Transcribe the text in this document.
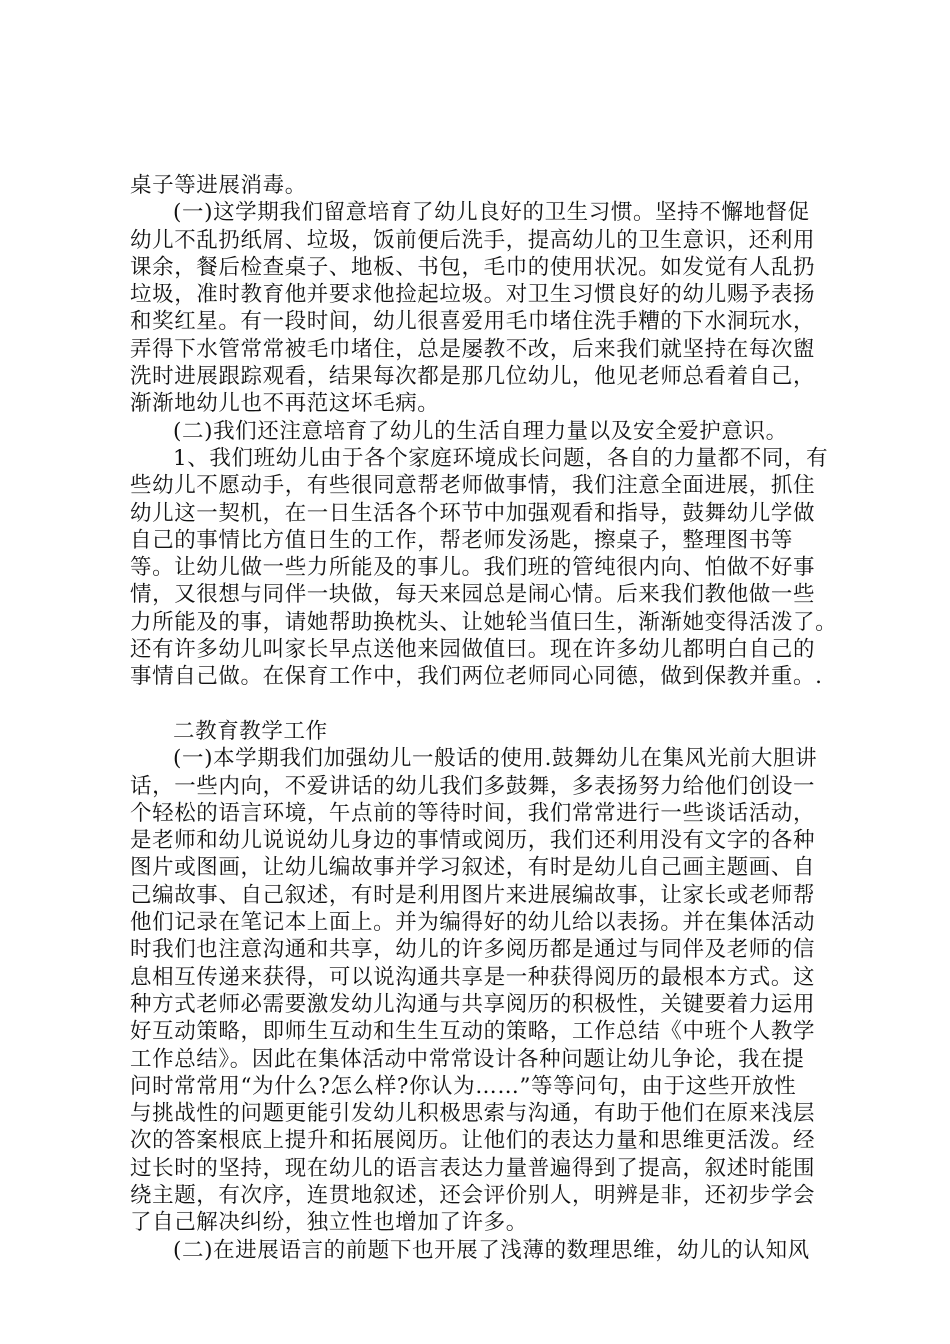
桌子等进展消毒。
(一)这学期我们留意培育了幼儿良好的卫生习惯。坚持不懈地督促
幼儿不乱扔纸屑、垃圾，饭前便后洗手，提高幼儿的卫生意识，还利用
课余，餐后检查桌子、地板、书包，毛巾的使用状况。如发觉有人乱扔
垃圾，准时教育他并要求他捡起垃圾。对卫生习惯良好的幼儿赐予表扬
和奖红星。有一段时间，幼儿很喜爱用毛巾堵住洗手糟的下水洞玩水，
弄得下水管常常被毛巾堵住，总是屡教不改，后来我们就坚持在每次盥
洗时进展跟踪观看，结果每次都是那几位幼儿，他见老师总看着自己，
渐渐地幼儿也不再范这坏毛病。
(二)我们还注意培育了幼儿的生活自理力量以及安全爱护意识。
1、我们班幼儿由于各个家庭环境成长问题，各自的力量都不同，有
些幼儿不愿动手，有些很同意帮老师做事情，我们注意全面进展，抓住
幼儿这一契机，在一日生活各个环节中加强观看和指导，鼓舞幼儿学做
自己的事情比方值日生的工作，帮老师发汤匙，擦桌子，整理图书等
等。让幼儿做一些力所能及的事儿。我们班的管纯很内向、怕做不好事
情，又很想与同伴一块做，每天来园总是闹心情。后来我们教他做一些
力所能及的事，请她帮助换枕头、让她轮当值曰生，渐渐她变得活泼了。
还有许多幼儿叫家长早点送他来园做值曰。现在许多幼儿都明白自己的
事情自己做。在保育工作中，我们两位老师同心同德，做到保教并重。.
二教育教学工作
(一)本学期我们加强幼儿一般话的使用.鼓舞幼儿在集风光前大胆讲
话，一些内向，不爱讲话的幼儿我们多鼓舞，多表扬努力给他们创设一
个轻松的语言环境，午点前的等待时间，我们常常进行一些谈话活动，
是老师和幼儿说说幼儿身边的事情或阅历，我们还利用没有文字的各种
图片或图画，让幼儿编故事并学习叙述，有时是幼儿自己画主题画、自
己编故事、自己叙述，有时是利用图片来进展编故事，让家长或老师帮
他们记录在笔记本上面上。并为编得好的幼儿给以表扬。并在集体活动
时我们也注意沟通和共享，幼儿的许多阅历都是通过与同伴及老师的信
息相互传递来获得，可以说沟通共享是一种获得阅历的最根本方式。这
种方式老师必需要激发幼儿沟通与共享阅历的积极性，关键要着力运用
好互动策略，即师生互动和生生互动的策略，工作总结《中班个人教学
工作总结》。因此在集体活动中常常设计各种问题让幼儿争论，我在提
问时常常用“为什么?怎么样?你认为……”等等问句，由于这些开放性
与挑战性的问题更能引发幼儿积极思索与沟通，有助于他们在原来浅层
次的答案根底上提升和拓展阅历。让他们的表达力量和思维更活泼。经
过长时的坚持，现在幼儿的语言表达力量普遍得到了提高，叙述时能围
绕主题，有次序，连贯地叙述，还会评价别人，明辨是非，还初步学会
了自己解决纠纷，独立性也增加了许多。
(二)在进展语言的前题下也开展了浅薄的数理思维，幼儿的认知风
